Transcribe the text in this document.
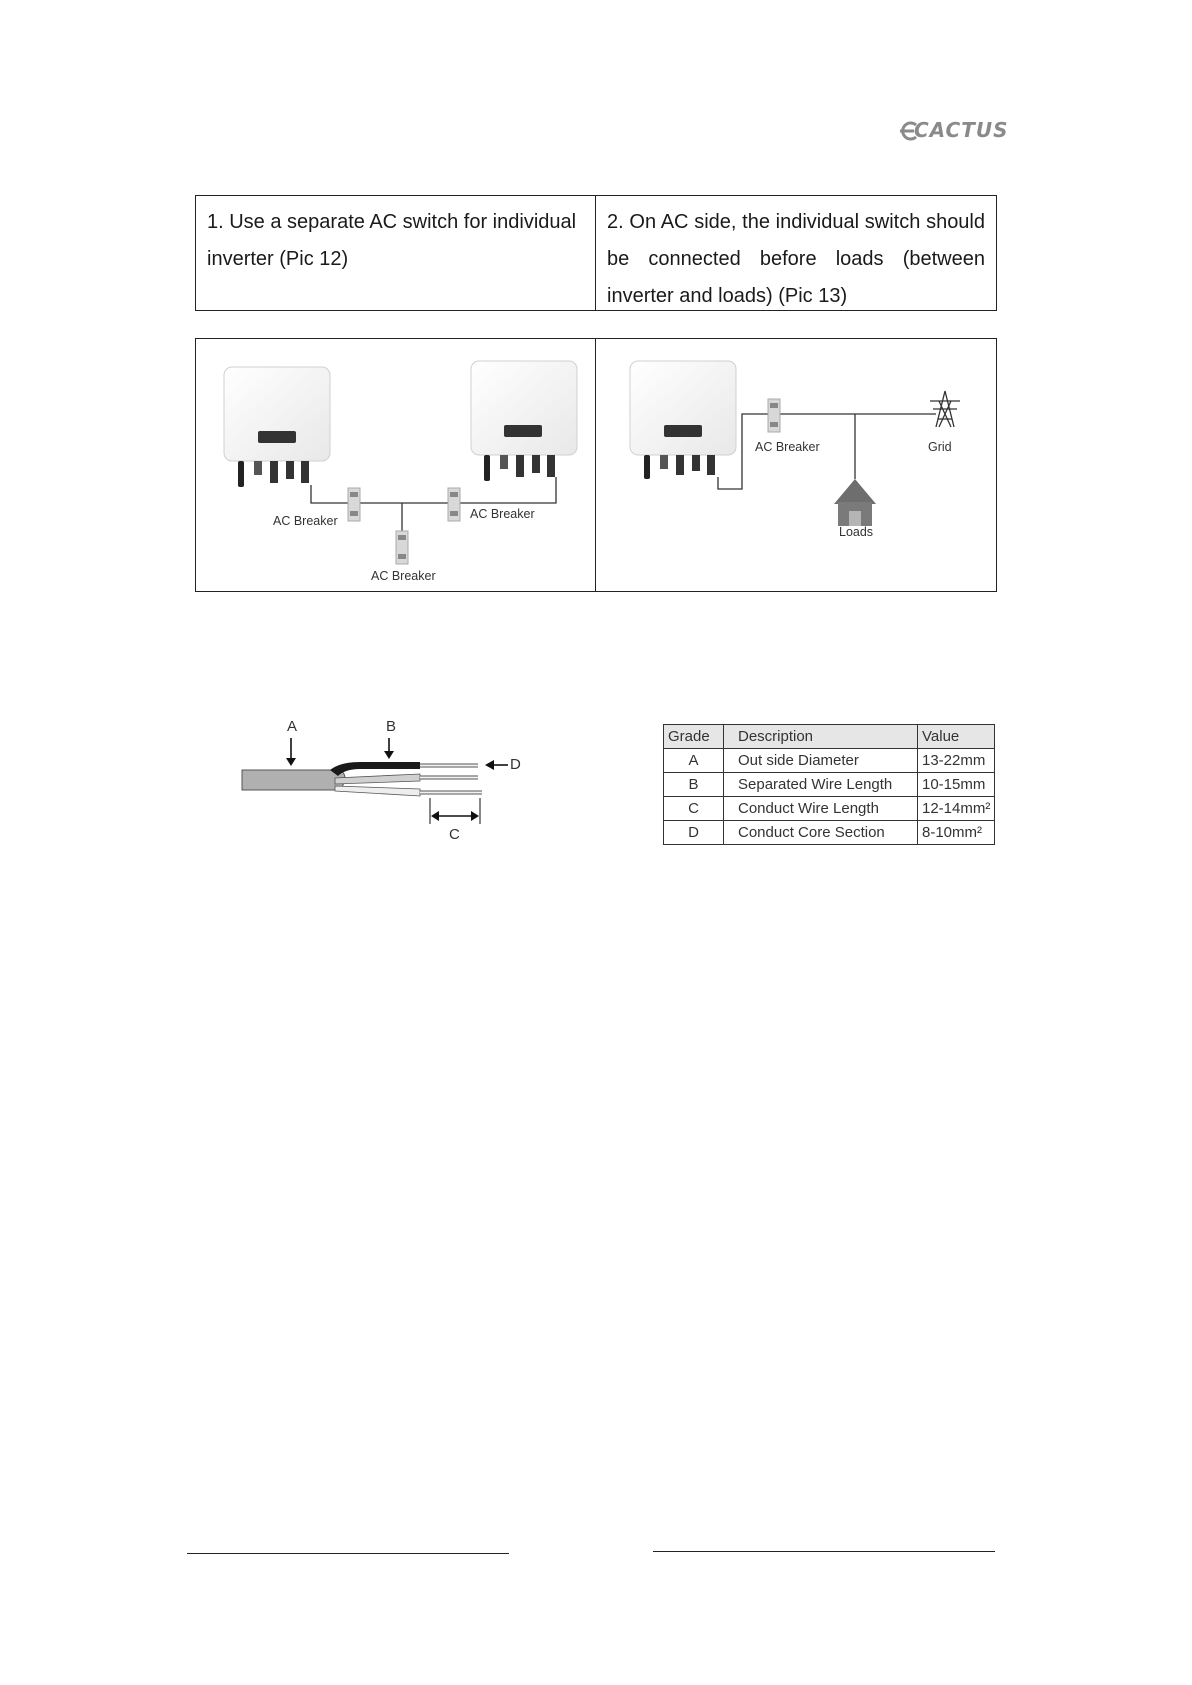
CACTUS
1. Use a separate AC switch for individual inverter (Pic 12)
2. On AC side, the individual switch should be connected before loads (between inverter and loads) (Pic 13)
AC Breaker	AC Breaker
AC Breaker
AC Breaker	Grid
Loads
A	B
C
D
Grade	Description	Value
A	Out side Diameter	13-22mm
B	Separated Wire Length	10-15mm
C	Conduct Wire Length	12-14mm²
D	Conduct Core Section	8-10mm²
